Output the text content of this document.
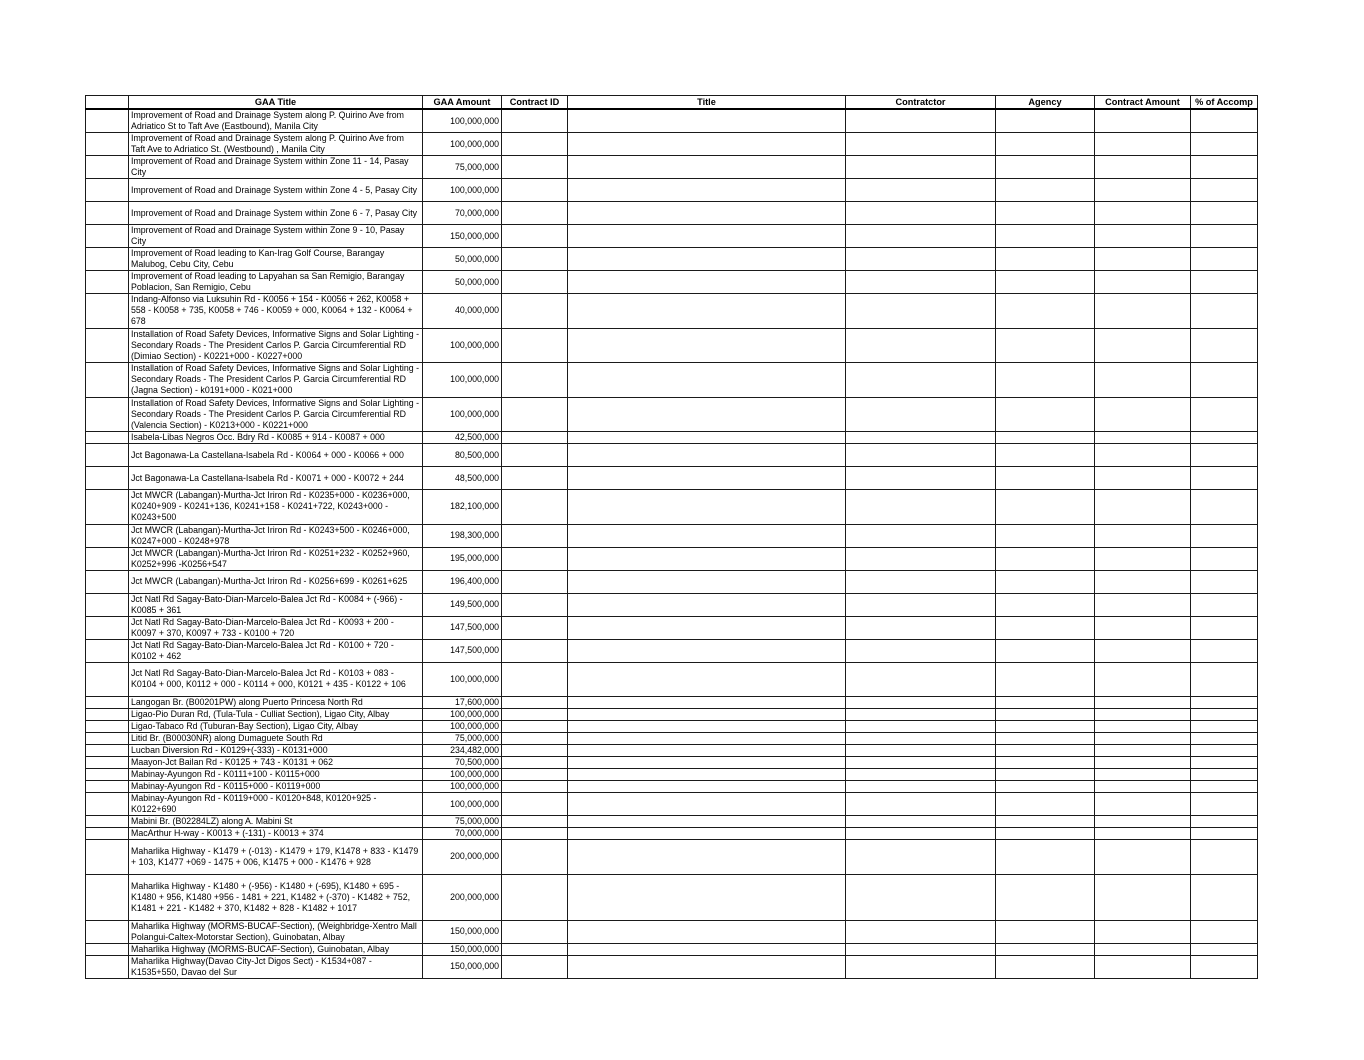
	GAA Title	GAA Amount	Contract ID	Title	Contratctor	Agency	Contract Amount	% of Accomp
	Improvement of Road and Drainage System along P. Quirino Ave from Adriatico St to Taft Ave (Eastbound), Manila City	100,000,000						
	Improvement of Road and Drainage System along P. Quirino Ave from Taft Ave to Adriatico St. (Westbound) , Manila City	100,000,000						
	Improvement of Road and Drainage System within Zone 11 - 14, Pasay City	75,000,000						
	Improvement of Road and Drainage System within Zone 4 - 5, Pasay City	100,000,000						
	Improvement of Road and Drainage System within Zone 6 - 7, Pasay City	70,000,000						
	Improvement of Road and Drainage System within Zone 9 - 10, Pasay City	150,000,000						
	Improvement of Road leading to Kan-Irag Golf Course, Barangay Malubog, Cebu City, Cebu	50,000,000						
	Improvement of Road leading to Lapyahan sa San Remigio, Barangay Poblacion, San Remigio, Cebu	50,000,000						
	Indang-Alfonso via Luksuhin Rd - K0056 + 154 - K0056 + 262, K0058 + 558 - K0058 + 735, K0058 + 746 - K0059 + 000, K0064 + 132 - K0064 + 678	40,000,000						
	Installation of Road Safety Devices, Informative Signs and Solar Lighting - Secondary Roads - The President Carlos P. Garcia Circumferential RD (Dimiao Section) - K0221+000 - K0227+000	100,000,000						
	Installation of Road Safety Devices, Informative Signs and Solar Lighting - Secondary Roads - The President Carlos P. Garcia Circumferential RD (Jagna Section) - k0191+000 - K021+000	100,000,000						
	Installation of Road Safety Devices, Informative Signs and Solar Lighting - Secondary Roads - The President Carlos P. Garcia Circumferential RD (Valencia Section) - K0213+000 - K0221+000	100,000,000						
	Isabela-Libas Negros Occ. Bdry Rd - K0085 + 914 - K0087 + 000	42,500,000						
	Jct Bagonawa-La Castellana-Isabela Rd - K0064 + 000 - K0066 + 000	80,500,000						
	Jct Bagonawa-La Castellana-Isabela Rd - K0071 + 000 - K0072 + 244	48,500,000						
	Jct MWCR (Labangan)-Murtha-Jct Iriron Rd - K0235+000 - K0236+000, K0240+909 - K0241+136, K0241+158 - K0241+722, K0243+000 - K0243+500	182,100,000						
	Jct MWCR (Labangan)-Murtha-Jct Iriron Rd - K0243+500 - K0246+000, K0247+000 - K0248+978	198,300,000						
	Jct MWCR (Labangan)-Murtha-Jct Iriron Rd - K0251+232 - K0252+960, K0252+996 -K0256+547	195,000,000						
	Jct MWCR (Labangan)-Murtha-Jct Iriron Rd - K0256+699 - K0261+625	196,400,000						
	Jct Natl Rd Sagay-Bato-Dian-Marcelo-Balea Jct Rd - K0084 + (-966) - K0085 + 361	149,500,000						
	Jct Natl Rd Sagay-Bato-Dian-Marcelo-Balea Jct Rd - K0093 + 200 - K0097 + 370, K0097 + 733 - K0100 + 720	147,500,000						
	Jct Natl Rd Sagay-Bato-Dian-Marcelo-Balea Jct Rd - K0100 + 720 - K0102 + 462	147,500,000						
	Jct Natl Rd Sagay-Bato-Dian-Marcelo-Balea Jct Rd - K0103 + 083 - K0104 + 000, K0112 + 000 - K0114 + 000, K0121 + 435 - K0122 + 106	100,000,000						
	Langogan Br. (B00201PW) along Puerto Princesa North Rd	17,600,000						
	Ligao-Pio Duran Rd, (Tula-Tula - Culliat Section), Ligao City, Albay	100,000,000						
	Ligao-Tabaco Rd (Tuburan-Bay Section), Ligao City, Albay	100,000,000						
	Litid Br. (B00030NR) along Dumaguete South Rd	75,000,000						
	Lucban Diversion Rd - K0129+(-333) - K0131+000	234,482,000						
	Maayon-Jct Bailan Rd - K0125 + 743 - K0131 + 062	70,500,000						
	Mabinay-Ayungon Rd - K0111+100 - K0115+000	100,000,000						
	Mabinay-Ayungon Rd - K0115+000 - K0119+000	100,000,000						
	Mabinay-Ayungon Rd - K0119+000 - K0120+848, K0120+925 - K0122+690	100,000,000						
	Mabini Br. (B02284LZ) along A. Mabini St	75,000,000						
	MacArthur H-way - K0013 + (-131) - K0013 + 374	70,000,000						
	Maharlika Highway - K1479 + (-013) - K1479 + 179, K1478 + 833 - K1479 + 103, K1477 +069 - 1475 + 006, K1475 + 000 - K1476 + 928	200,000,000						
	Maharlika Highway - K1480 + (-956) - K1480 + (-695), K1480 + 695 - K1480 + 956, K1480 +956 - 1481 + 221, K1482 + (-370) - K1482 + 752, K1481 + 221 - K1482 + 370, K1482 + 828 - K1482 + 1017	200,000,000						
	Maharlika Highway (MORMS-BUCAF-Section), (Weighbridge-Xentro Mall Polangui-Caltex-Motorstar Section), Guinobatan, Albay	150,000,000						
	Maharlika Highway (MORMS-BUCAF-Section), Guinobatan, Albay	150,000,000						
	Maharlika Highway(Davao City-Jct Digos Sect) - K1534+087 - K1535+550, Davao del Sur	150,000,000						
